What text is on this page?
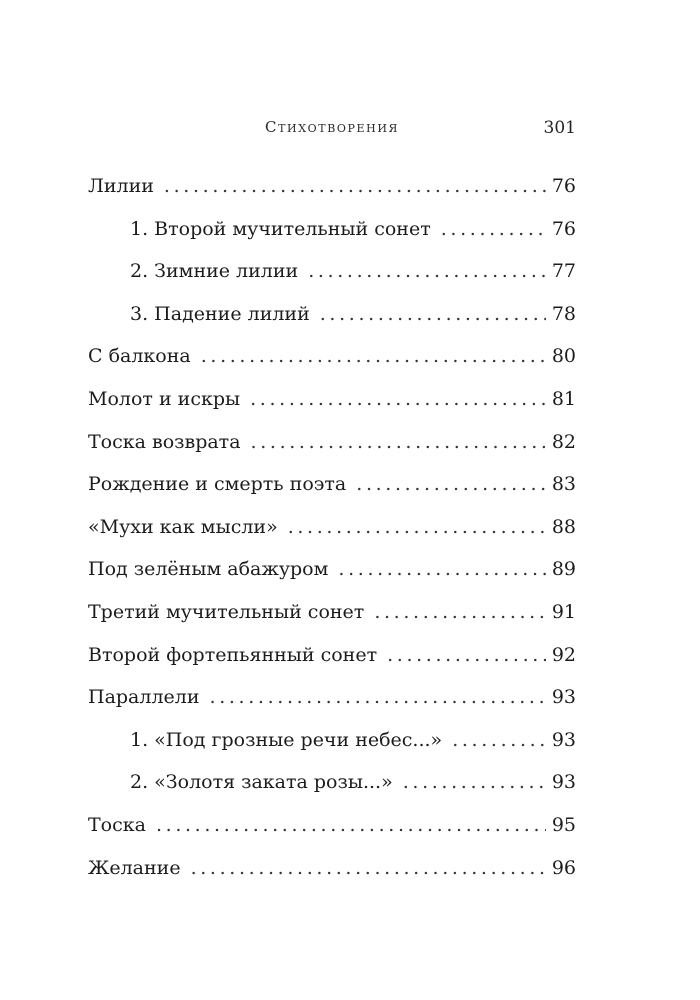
Стихотворения	301
Лилии . . .	76
1. Второй мучительный сонет . . .	76
2. Зимние лилии . . .	77
3. Падение лилий . . .	78
С балкона . . .	80
Молот и искры . . .	81
Тоска возврата . . .	82
Рождение и смерть поэта . . .	83
«Мухи как мысли» . . .	88
Под зелёным абажуром . . .	89
Третий мучительный сонет . . .	91
Второй фортепьянный сонет . . .	92
Параллели . . .	93
1. «Под грозные речи небес...» . . .	93
2. «Золотя заката розы...» . . .	93
Тоска . . .	95
Желание . . .	96
